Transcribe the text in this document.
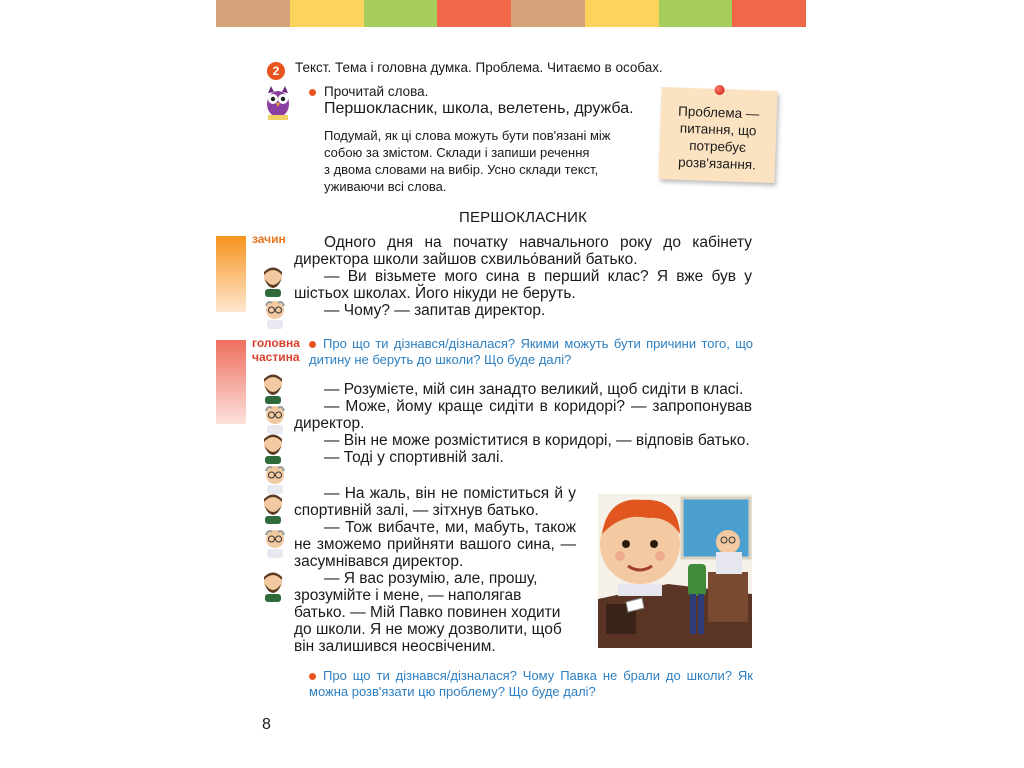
2	Текст. Тема і головна думка. Проблема. Читаємо в особах.
Прочитай слова.
Першокласник, школа, велетень, дружба.
Подумай, як ці слова можуть бути пов'язані між
собою за змістом. Склади і запиши речення
з двома словами на вибір. Усно склади текст,
уживаючи всі слова.
Проблема —
питання, що
потребує
розв'язання.
ПЕРШОКЛАСНИК
зачин
головна
частина

Одного дня на початку навчального року до кабінету директора школи зайшов схвильо́ваний батько.

— Ви візьмете мого сина в перший клас? Я вже був у шістьох школах. Його нікуди не беруть.

— Чому? — запитав директор.

Про що ти дізнався/дізналася? Якими можуть бути причини того, що дитину не беруть до школи? Що буде далі?

— Розумієте, мій син занадто великий, щоб сидіти в класі.

— Може, йому краще сидіти в коридорі? — запропонував директор.

— Він не може розміститися в коридорі, — відповів батько.

— Тоді у спортивній залі.

— На жаль, він не поміститься й у спортивній залі, — зітхнув батько.

— Тож вибачте, ми, мабуть, також не зможемо прийняти вашого сина, — засумнівався директор.

— Я вас розумію, але, прошу, зрозумійте і мене, — наполягав батько. — Мій Павко повинен ходити до школи. Я не можу дозволити, щоб він залишився неосвіченим.

Про що ти дізнався/дізналася? Чому Павка не брали до школи? Як можна розв'язати цю проблему? Що буде далі?
8
